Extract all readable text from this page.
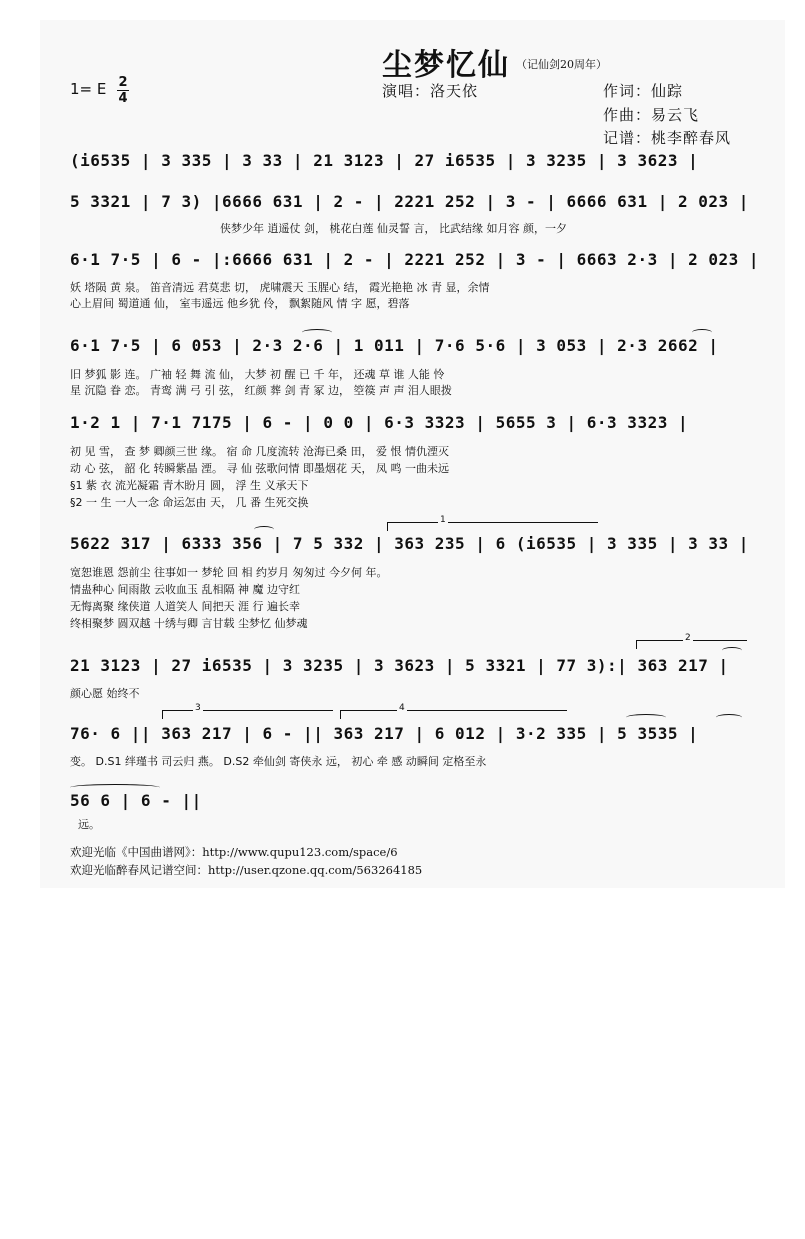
尘梦忆仙 （记仙剑20周年）
1= E 2
4	演唱：洛天依	作词：仙踪
作曲：易云飞
记谱：桃李醉春风
(i6535 | 3 335 | 3 33 | 21 3123 | 27 i6535 | 3 3235 | 3 3623 |
5 3321 | 7 3) |6666 631 | 2 - | 2221 252 | 3 - | 6666 631 | 2 023 |
侠梦少年 逍遥仗 剑， 桃花白莲 仙灵誓 言， 比武结缘 如月容 颜，一夕
6·1 7·5 | 6 - |:6666 631 | 2 - | 2221 252 | 3 - | 6663 2·3 | 2 023 |
妖 塔陨 黄 泉。 笛音清远 君莫悲 切， 虎啸震天 玉腥心 结， 霞光艳艳 冰 青 显，余情
心上眉间 蜀道通 仙， 室韦遥远 他乡犹 伶， 飘絮随风 情 字 愿，碧落
6·1 7·5 | 6 053 | 2·3 2·6 | 1 011 | 7·6 5·6 | 3 053 | 2·3 2662 |
旧 梦狐 影 连。 广袖 轻 舞 流 仙， 大梦 初 醒 已 千 年， 还魂 草 谁 人能 怜
星 沉隐 眷 恋。 青鸾 满 弓 引 弦， 红颜 葬 剑 青 冢 边， 箜篌 声 声 泪人眼拨
1·2 1 | 7·1 7175 | 6 - | 0 0 | 6·3 3323 | 5655 3 | 6·3 3323 |
初 见 雪， 查 梦 卿颜三世 缘。 宿 命 几度流转 沧海已桑 田， 爱 恨 情仇湮灭
动 心 弦， 韶 化 转瞬紫晶 湮。 寻 仙 弦歌问情 即墨烟花 天， 凤 鸣 一曲未远
§1 紫 衣 流光凝霜 青木盼月 圆， 浮 生 义承天下
§2 一 生 一人一念 命运怎由 天， 几 番 生死交换
1
5622 317 | 6333 356 | 7 5 332 | 363 235 | 6 (i6535 | 3 335 | 3 33 |
宽恕谁恩 怨前尘 往事如一 梦轮 回 相 约岁月 匆匆过 今夕何 年。
情蛊种心 间雨散 云收血玉 乱相隔 神 魔 边守红
无悔离聚 缘侠道 人道笑人 间把天 涯 行 遍长幸
终相聚梦 圆双越 十绣与卿 言甘载 尘梦忆 仙梦魂
2
21 3123 | 27 i6535 | 3 3235 | 3 3623 | 5 3321 | 77 3):| 363 217 |
颜心愿 始终不
3	4
76· 6 || 363 217 | 6 - || 363 217 | 6 012 | 3·2 335 | 5 3535 |
变。 D.S1 绊瑾书 司云归 燕。 D.S2 牵仙剑 寄侠永 远， 初心 牵 感 动瞬间 定格至永
56 6 | 6 - ||
远。
欢迎光临《中国曲谱网》：http://www.qupu123.com/space/6
欢迎光临醉春风记谱空间：http://user.qzone.qq.com/563264185
